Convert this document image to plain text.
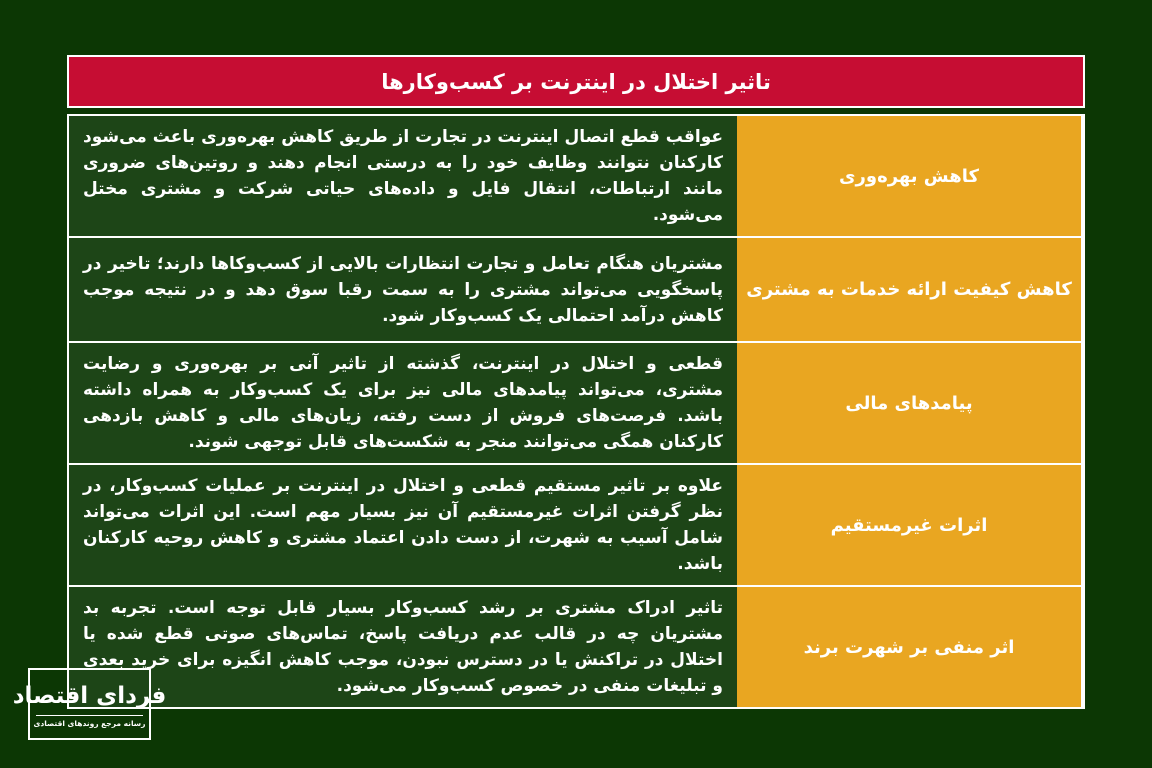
تاثیر اختلال در اینترنت بر کسب‌وکارها

عواقب قطع اتصال اینترنت در تجارت از طریق کاهش بهره‌وری باعث می‌شود کارکنان نتوانند وظایف خود را به درستی انجام دهند و روتین‌های ضروری مانند ارتباطات، انتقال فایل و داده‌های حیاتی شرکت و مشتری مختل می‌شود.

کاهش بهره‌وری

مشتریان هنگام تعامل و تجارت انتظارات بالایی از کسب‌وکاها دارند؛ تاخیر در پاسخگویی می‌تواند مشتری را به سمت رقبا سوق دهد و در نتیجه موجب کاهش درآمد احتمالی یک کسب‌وکار شود.

کاهش کیفیت ارائه خدمات به مشتری

قطعی و اختلال در اینترنت، گذشته از تاثیر آنی بر بهره‌وری و رضایت مشتری، می‌تواند پیامدهای مالی نیز برای یک کسب‌وکار به همراه داشته باشد. فرصت‌های فروش از دست رفته، زیان‌های مالی و کاهش بازدهی کارکنان همگی می‌توانند منجر به شکست‌های قابل توجهی شوند.

پیامدهای مالی

علاوه بر تاثیر مستقیم قطعی و اختلال در اینترنت بر عملیات کسب‌وکار، در نظر گرفتن اثرات غیرمستقیم آن نیز بسیار مهم است. این اثرات می‌تواند شامل آسیب به شهرت، از دست دادن اعتماد مشتری و کاهش روحیه کارکنان باشد.

اثرات غیرمستقیم

تاثیر ادراک مشتری بر رشد کسب‌وکار بسیار قابل توجه است. تجربه بد مشتریان چه در قالب عدم دریافت پاسخ، تماس‌های صوتی قطع شده یا اختلال در تراکنش یا در دسترس نبودن، موجب کاهش انگیزه برای خرید بعدی و تبلیغات منفی در خصوص کسب‌وکار می‌شود.

اثر منفی بر شهرت برند
فردای اقتصاد
رسانه مرجع روندهای اقتصادی
